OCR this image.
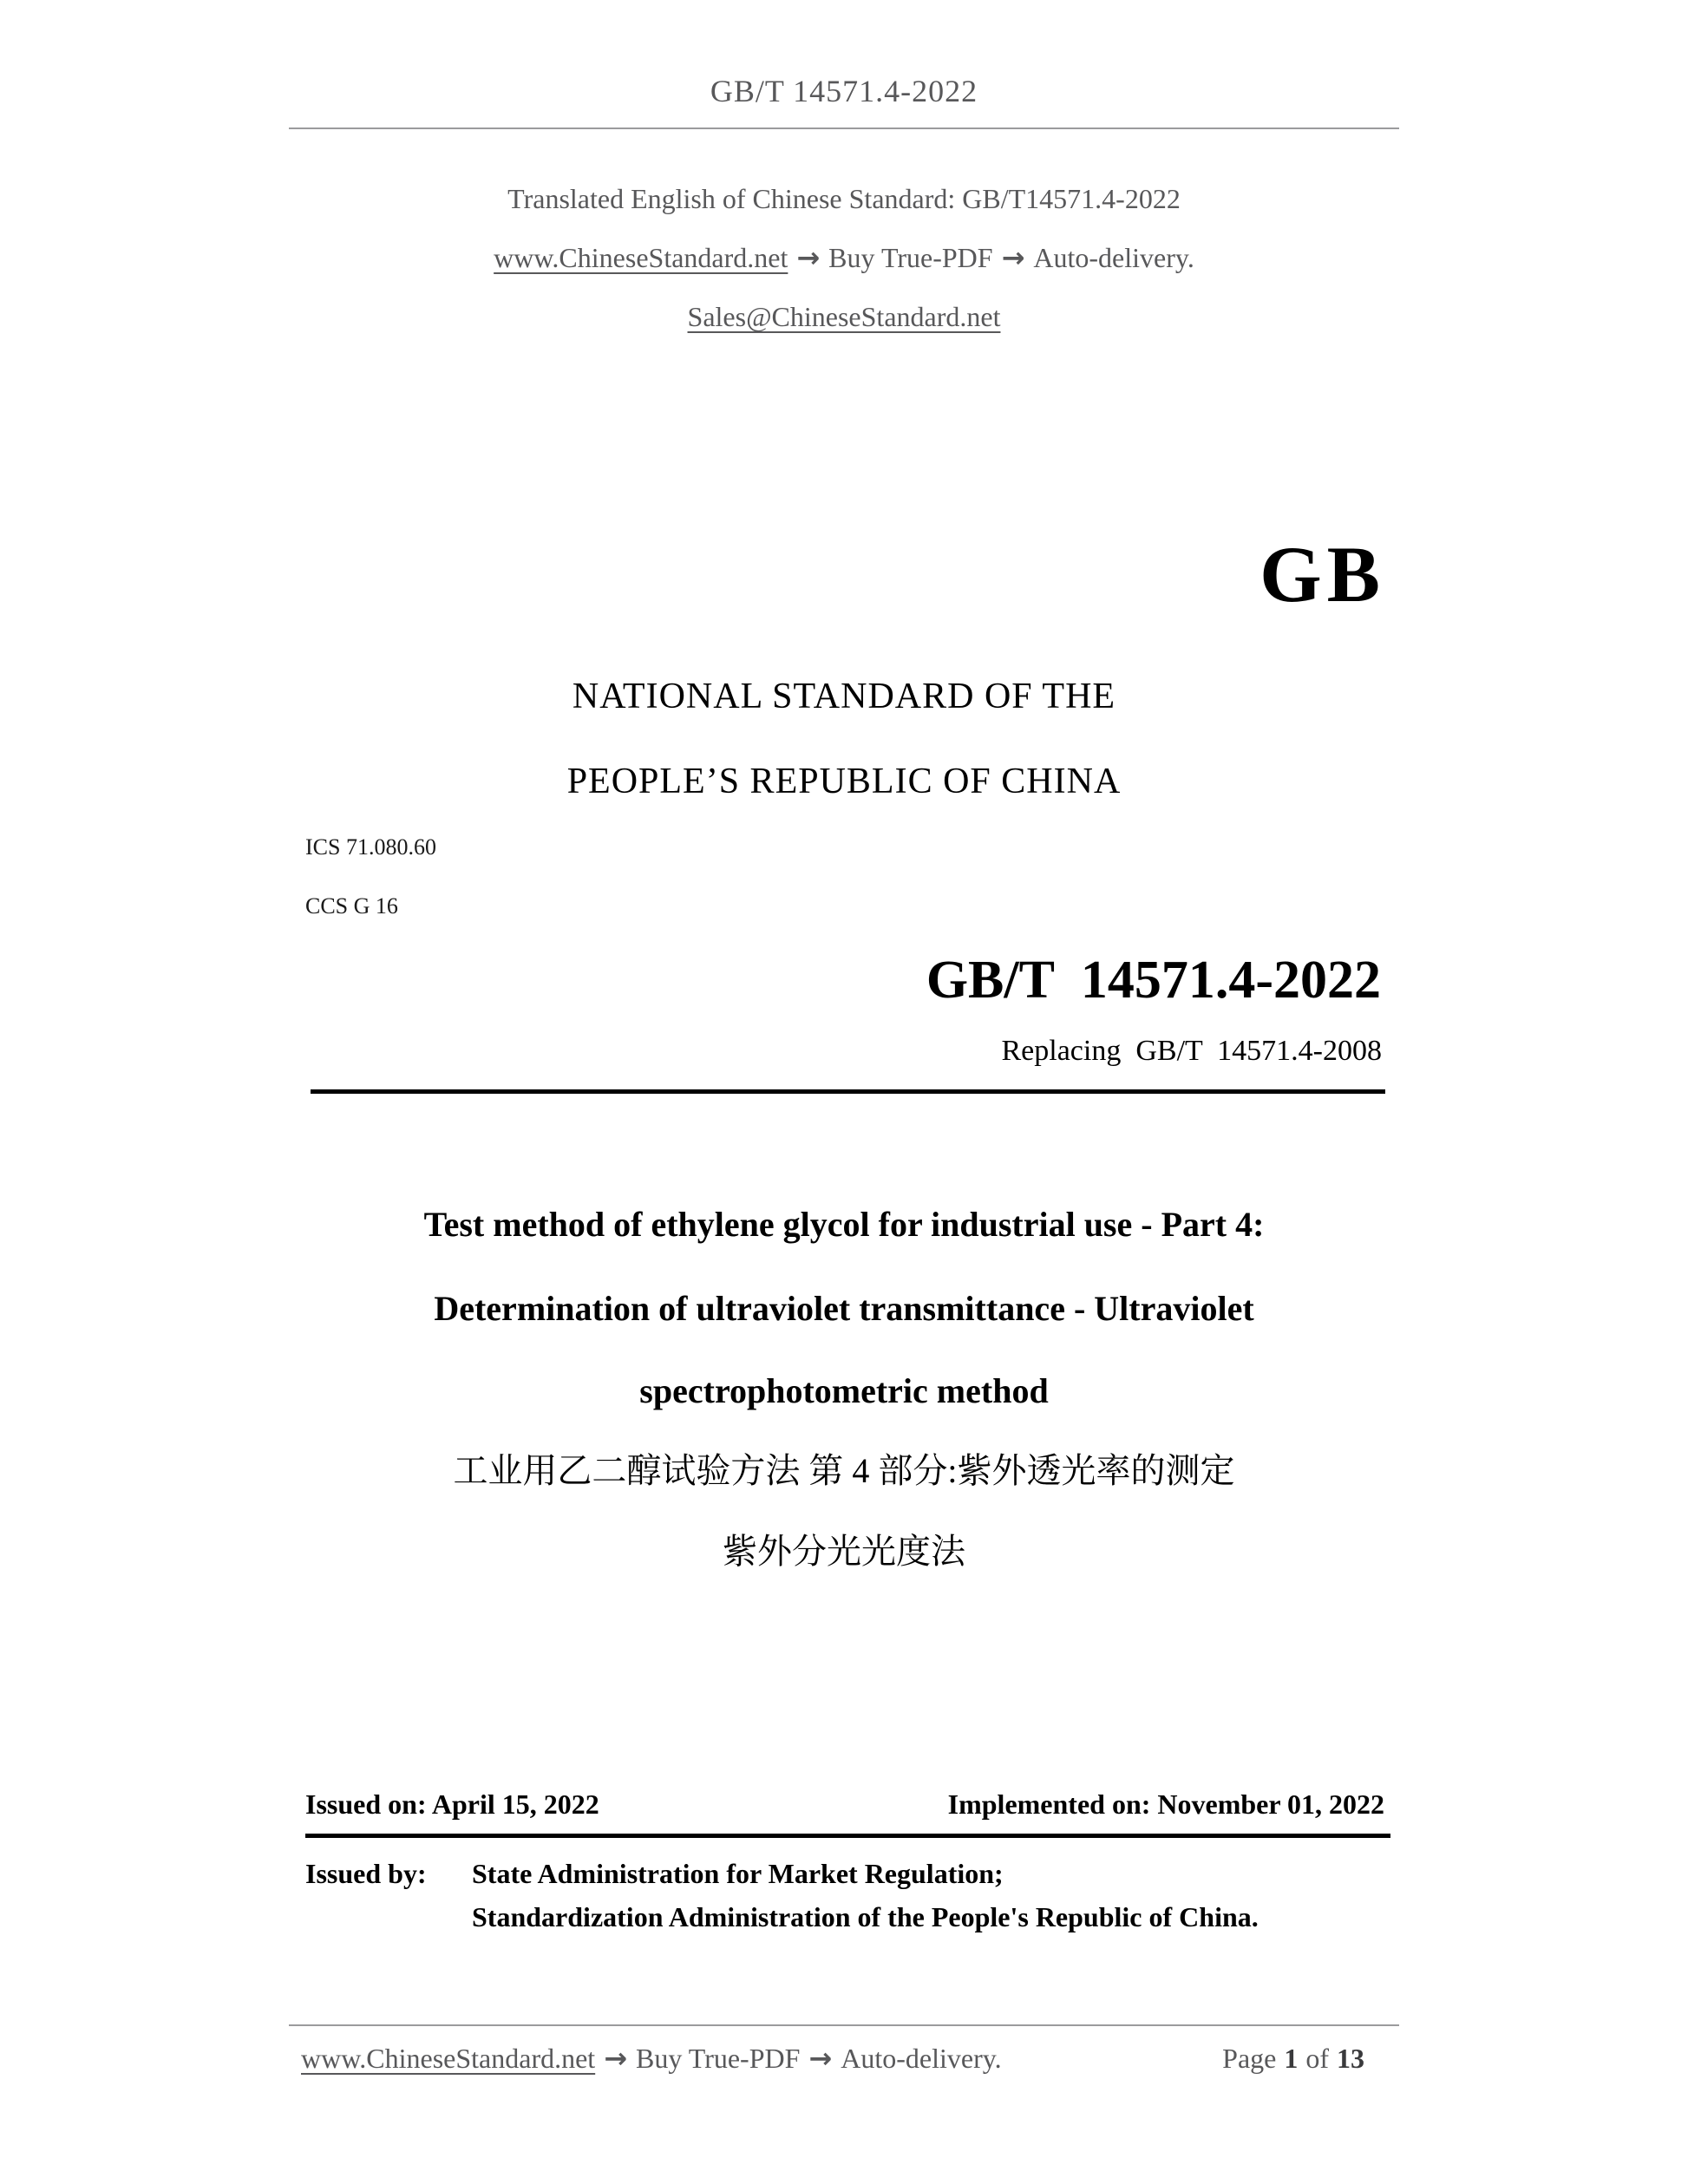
GB/T 14571.4-2022
Translated English of Chinese Standard: GB/T14571.4-2022
www.ChineseStandard.net → Buy True-PDF → Auto-delivery.
Sales@ChineseStandard.net
GB
NATIONAL STANDARD OF THE
PEOPLE’S REPUBLIC OF CHINA
ICS 71.080.60
CCS G 16
GB/T  14571.4-2022
Replacing  GB/T  14571.4-2008
Test method of ethylene glycol for industrial use - Part 4:
Determination of ultraviolet transmittance - Ultraviolet
spectrophotometric method
工业用乙二醇试验方法 第 4 部分:紫外透光率的测定
紫外分光光度法
Issued on: April 15, 2022	Implemented on: November 01, 2022
Issued by: State Administration for Market Regulation;
Standardization Administration of the People's Republic of China.
www.ChineseStandard.net → Buy True-PDF → Auto-delivery.	Page 1 of 13
